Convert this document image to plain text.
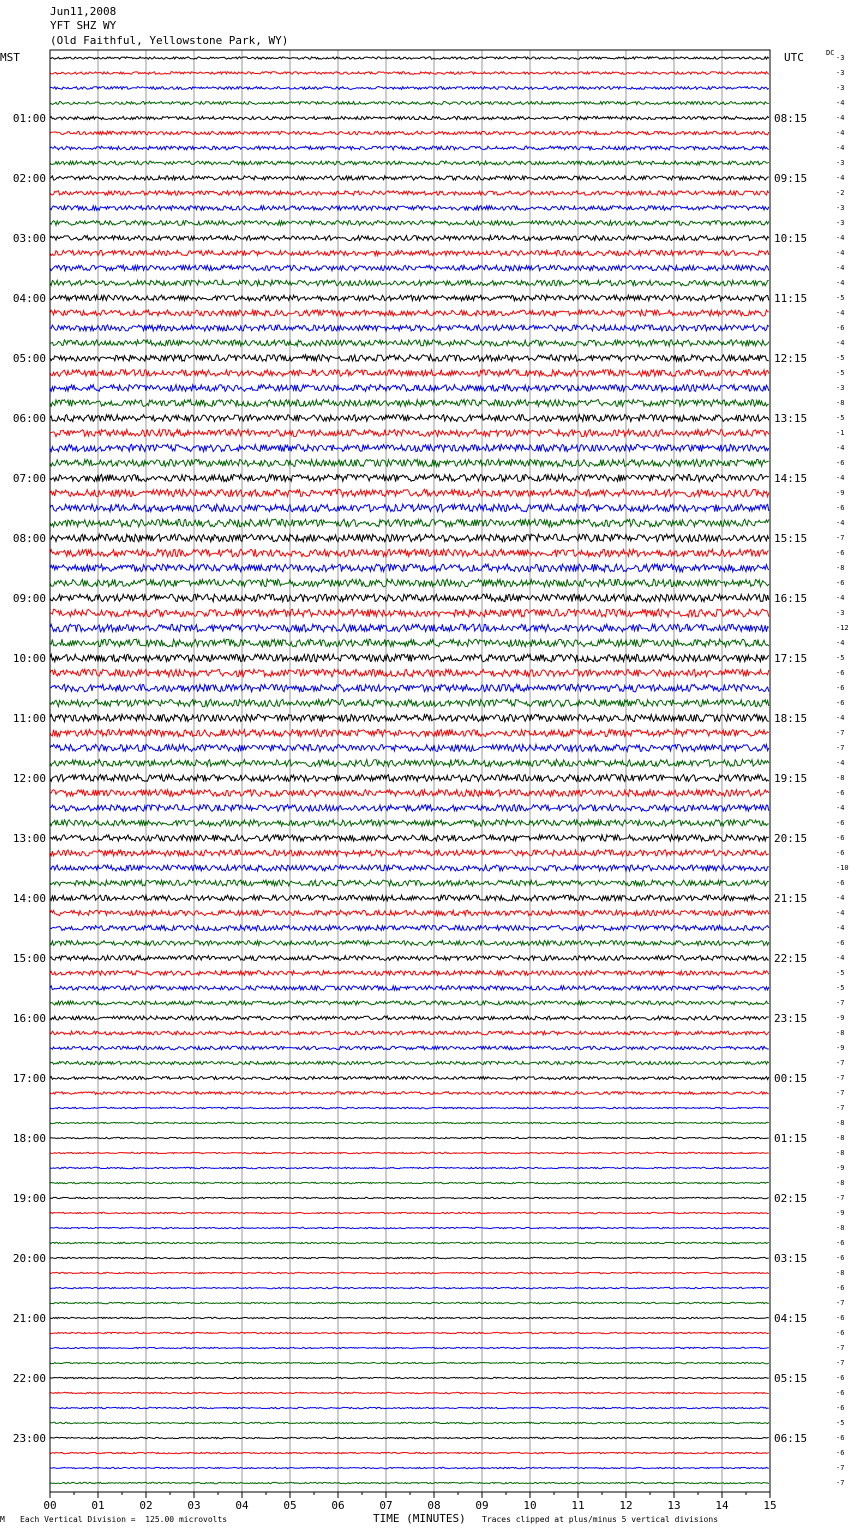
Jun11,2008
YFT SHZ WY
(Old Faithful, Yellowstone Park, WY)
MST	UTC	DC
01:00
02:00
03:00
04:00
05:00
06:00
07:00
08:00
09:00
10:00
11:00
12:00
13:00
14:00
15:00
16:00
17:00
18:00
19:00
20:00
21:00
22:00
23:00
08:15
09:15
10:15
11:15
12:15
13:15
14:15
15:15
16:15
17:15
18:15
19:15
20:15
21:15
22:15
23:15
00:15
01:15
02:15
03:15
04:15
05:15
06:15
-3
-3
-3
-4
-4
-4
-4
-3
-4
-2
-3
-3
-4
-4
-4
-4
-5
-4
-6
-4
-5
-5
-3
-8
-5
-1
-4
-6
-4
-9
-6
-4
-7
-6
-8
-6
-4
-3
-12
-4
-5
-6
-6
-6
-4
-7
-7
-4
-8
-6
-4
-6
-6
-6
-10
-6
-4
-4
-4
-6
-4
-5
-5
-7
-9
-8
-9
-7
-7
-7
-7
-8
-8
-8
-9
-8
-7
-9
-8
-6
-6
-8
-6
-7
-6
-6
-7
-7
-6
-6
-6
-5
-6
-6
-7
-7
00	01	02	03	04	05	06	07	08	09	10	11	12	13	14	15
M Each Vertical Division =  125.00 microvolts	TIME (MINUTES) Traces clipped at plus/minus 5 vertical divisions
